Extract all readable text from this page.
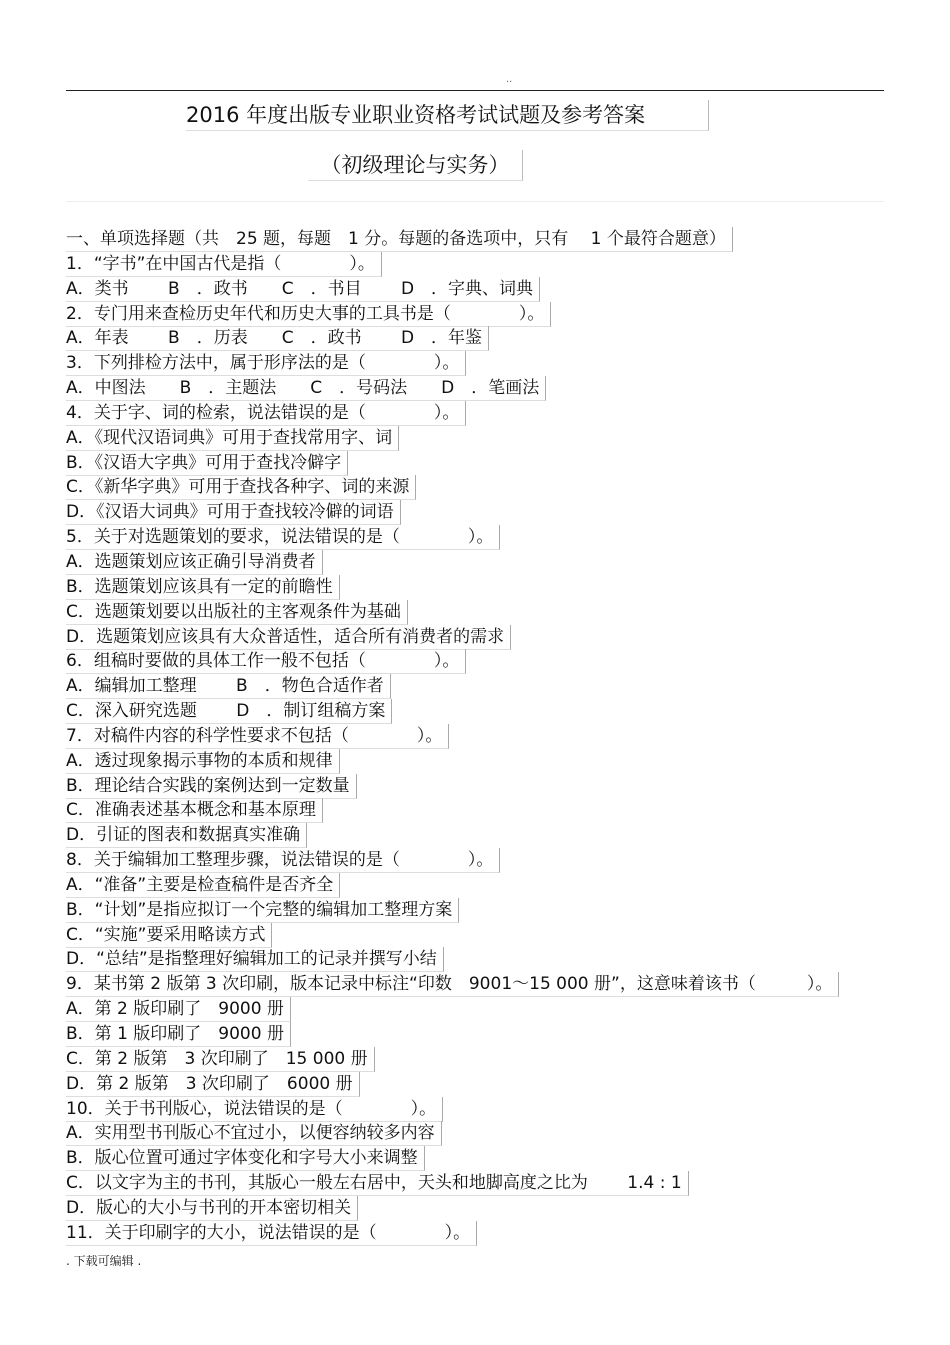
..
2016 年度出版专业职业资格考试试题及参考答案
（初级理论与实务）
一、单项选择题（共　25 题，每题　1 分。每题的备选项中，只有　 1 个最符合题意）
1．“字书”在中国古代是指（　　　　）。
A．类书　　 B　．政书　　C　．书目　　 D　．字典、词典
2．专门用来查检历史年代和历史大事的工具书是（　　　　）。
A．年表　　 B　．历表　　C　．政书　　 D　．年鉴
3．下列排检方法中，属于形序法的是（　　　　）。
A．中图法　　B　．主题法　　C　．号码法　　D　．笔画法
4．关于字、词的检索，说法错误的是（　　　　）。
A．《现代汉语词典》可用于查找常用字、词
B．《汉语大字典》可用于查找冷僻字
C．《新华字典》可用于查找各种字、词的来源
D．《汉语大词典》可用于查找较冷僻的词语
5．关于对选题策划的要求，说法错误的是（　　　　）。
A．选题策划应该正确引导消费者
B．选题策划应该具有一定的前瞻性
C．选题策划要以出版社的主客观条件为基础
D．选题策划应该具有大众普适性，适合所有消费者的需求
6．组稿时要做的具体工作一般不包括（　　　　）。
A．编辑加工整理　　 B　．物色合适作者
C．深入研究选题　　 D　．制订组稿方案
7．对稿件内容的科学性要求不包括（　　　　）。
A．透过现象揭示事物的本质和规律
B．理论结合实践的案例达到一定数量
C．准确表述基本概念和基本原理
D．引证的图表和数据真实准确
8．关于编辑加工整理步骤，说法错误的是（　　　　）。
A．“准备”主要是检查稿件是否齐全
B．“计划”是指应拟订一个完整的编辑加工整理方案
C．“实施”要采用略读方式
D．“总结”是指整理好编辑加工的记录并撰写小结
9．某书第 2 版第 3 次印刷，版本记录中标注“印数　9001～15 000 册”，这意味着该书（　　　）。
A．第 2 版印刷了　9000 册
B．第 1 版印刷了　9000 册
C．第 2 版第　3 次印刷了　15 000 册
D．第 2 版第　3 次印刷了　6000 册
10．关于书刊版心，说法错误的是（　　　　）。
A．实用型书刊版心不宜过小，以便容纳较多内容
B．版心位置可通过字体变化和字号大小来调整
C．以文字为主的书刊，其版心一般左右居中，天头和地脚高度之比为　　 1.4 : 1
D．版心的大小与书刊的开本密切相关
11．关于印刷字的大小，说法错误的是（　　　　）。
. 下载可编辑 .
